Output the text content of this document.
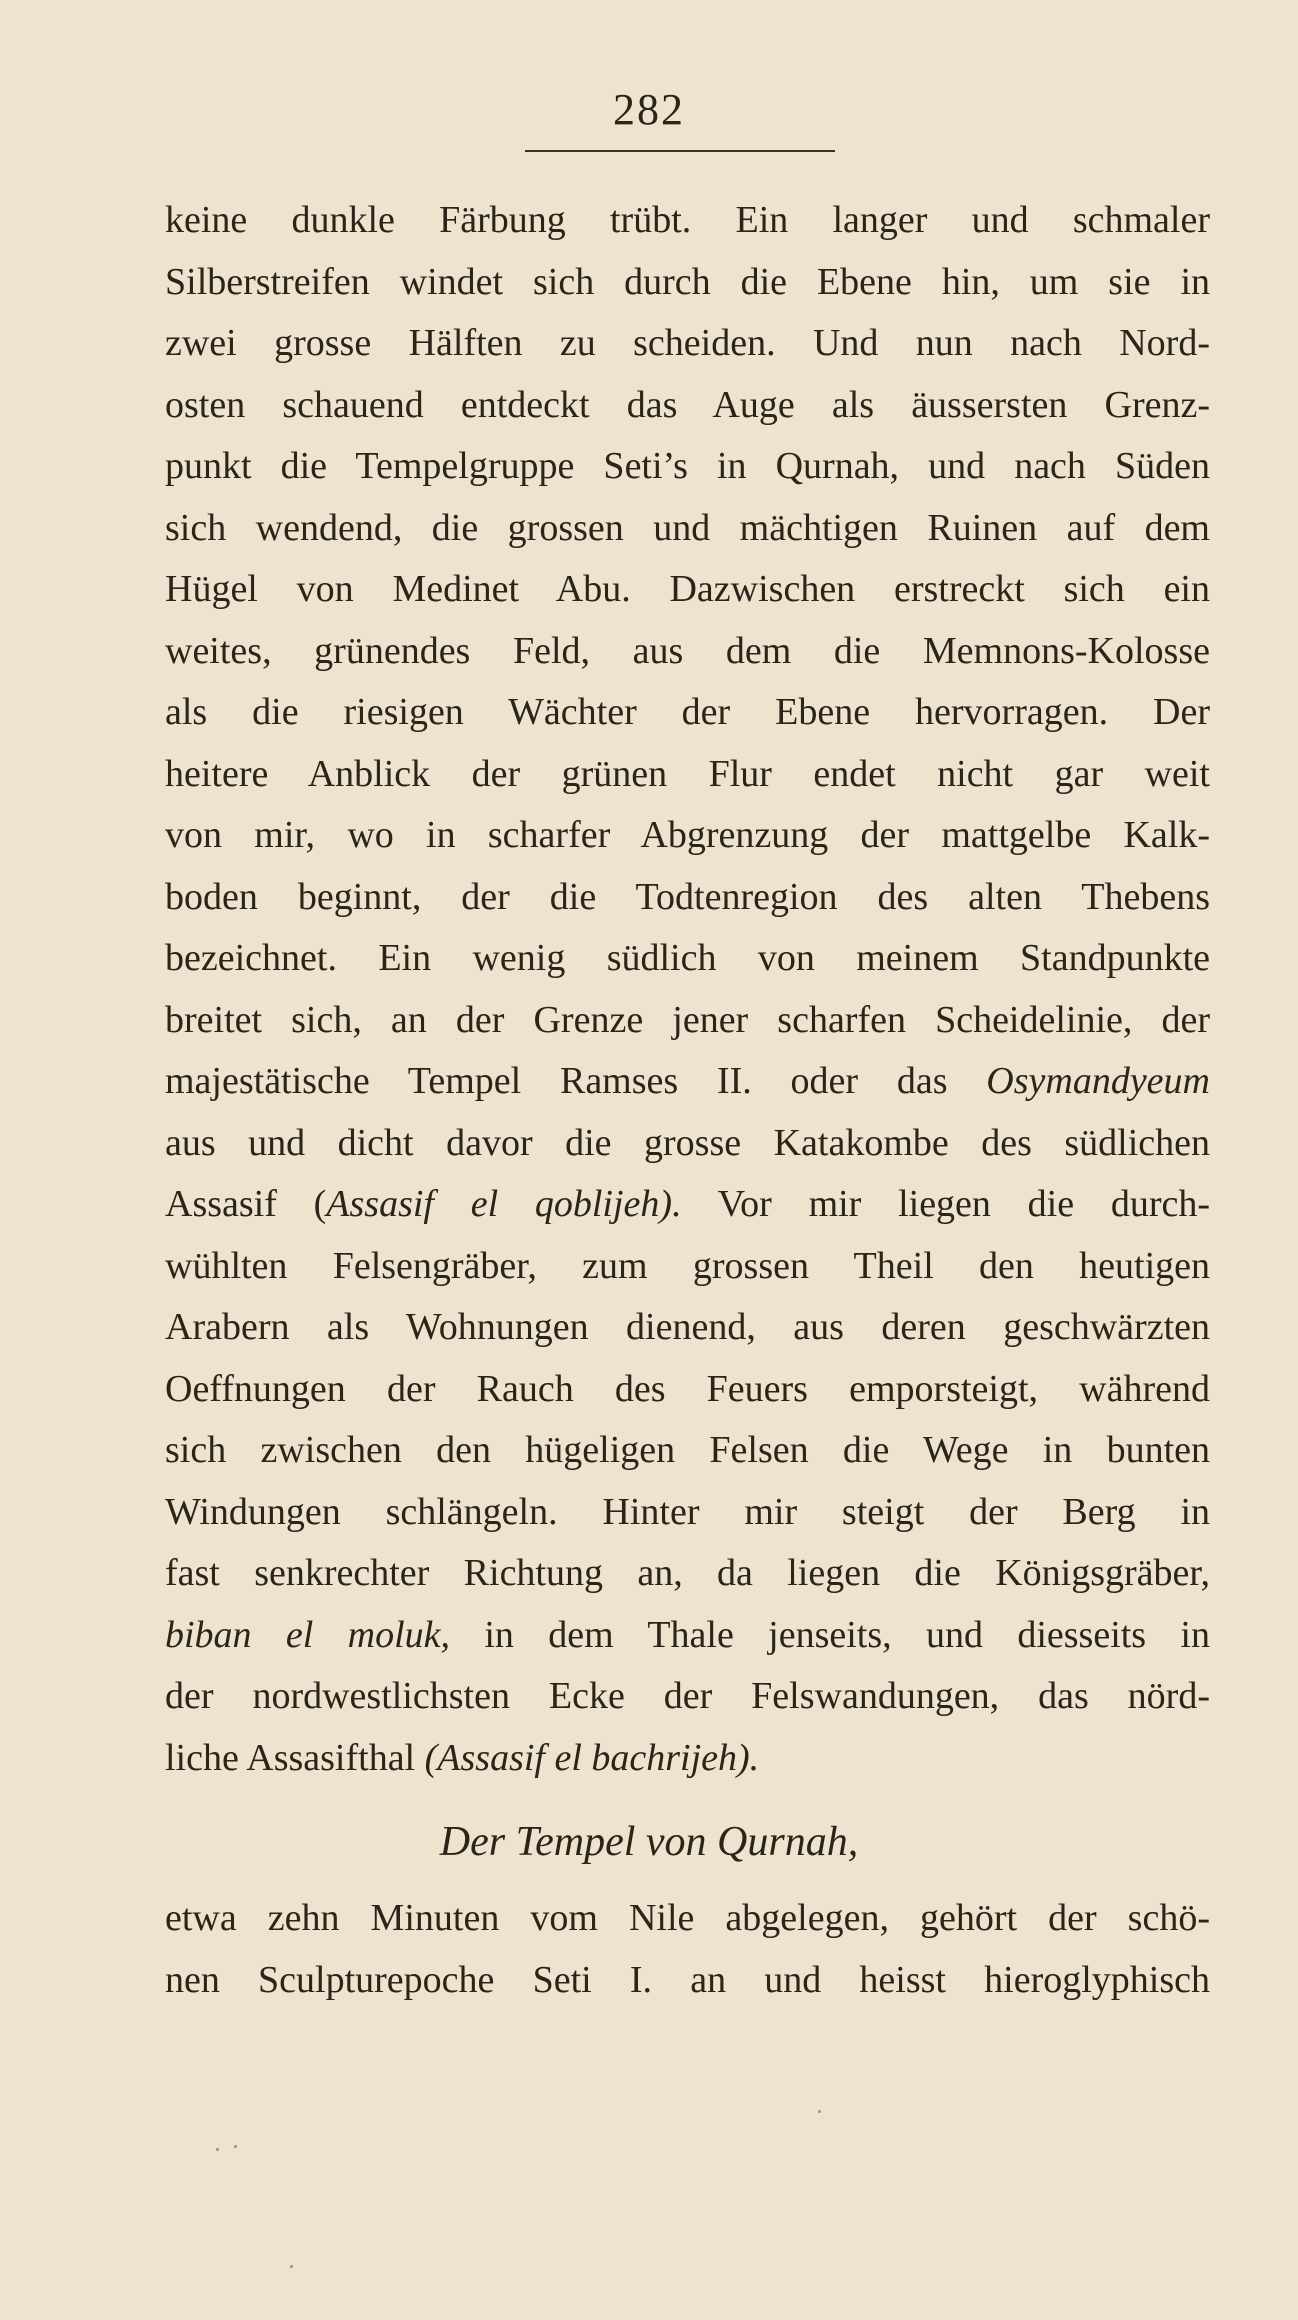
282
keine dunkle Färbung trübt. Ein langer und schmaler
Silberstreifen windet sich durch die Ebene hin, um sie in
zwei grosse Hälften zu scheiden. Und nun nach Nord-
osten schauend entdeckt das Auge als äussersten Grenz-
punkt die Tempelgruppe Seti’s in Qurnah, und nach Süden
sich wendend, die grossen und mächtigen Ruinen auf dem
Hügel von Medinet Abu. Dazwischen erstreckt sich ein
weites, grünendes Feld, aus dem die Memnons-Kolosse
als die riesigen Wächter der Ebene hervorragen. Der
heitere Anblick der grünen Flur endet nicht gar weit
von mir, wo in scharfer Abgrenzung der mattgelbe Kalk-
boden beginnt, der die Todtenregion des alten Thebens
bezeichnet. Ein wenig südlich von meinem Standpunkte
breitet sich, an der Grenze jener scharfen Scheidelinie, der
majestätische Tempel Ramses II. oder das Osymandyeum
aus und dicht davor die grosse Katakombe des südlichen
Assasif (Assasif el qoblijeh). Vor mir liegen die durch-
wühlten Felsengräber, zum grossen Theil den heutigen
Arabern als Wohnungen dienend, aus deren geschwärzten
Oeffnungen der Rauch des Feuers emporsteigt, während
sich zwischen den hügeligen Felsen die Wege in bunten
Windungen schlängeln. Hinter mir steigt der Berg in
fast senkrechter Richtung an, da liegen die Königsgräber,
biban el moluk, in dem Thale jenseits, und diesseits in
der nordwestlichsten Ecke der Felswandungen, das nörd-
liche Assasifthal (Assasif el bachrijeh).
Der Tempel von Qurnah,
etwa zehn Minuten vom Nile abgelegen, gehört der schö-
nen Sculpturepoche Seti I. an und heisst hieroglyphisch
